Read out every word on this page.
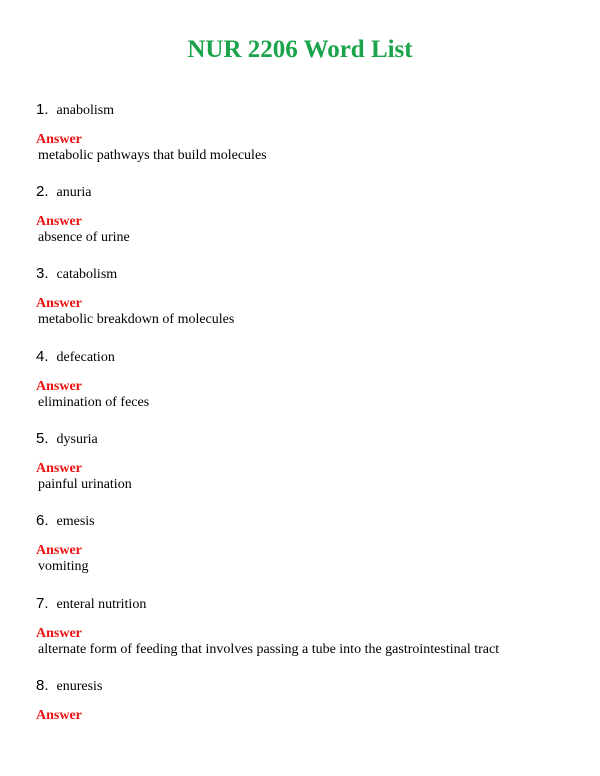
NUR 2206 Word List
1. anabolism
Answer
metabolic pathways that build molecules
2. anuria
Answer
absence of urine
3. catabolism
Answer
metabolic breakdown of molecules
4. defecation
Answer
elimination of feces
5. dysuria
Answer
painful urination
6. emesis
Answer
vomiting
7. enteral nutrition
Answer
alternate form of feeding that involves passing a tube into the gastrointestinal tract
8. enuresis
Answer
